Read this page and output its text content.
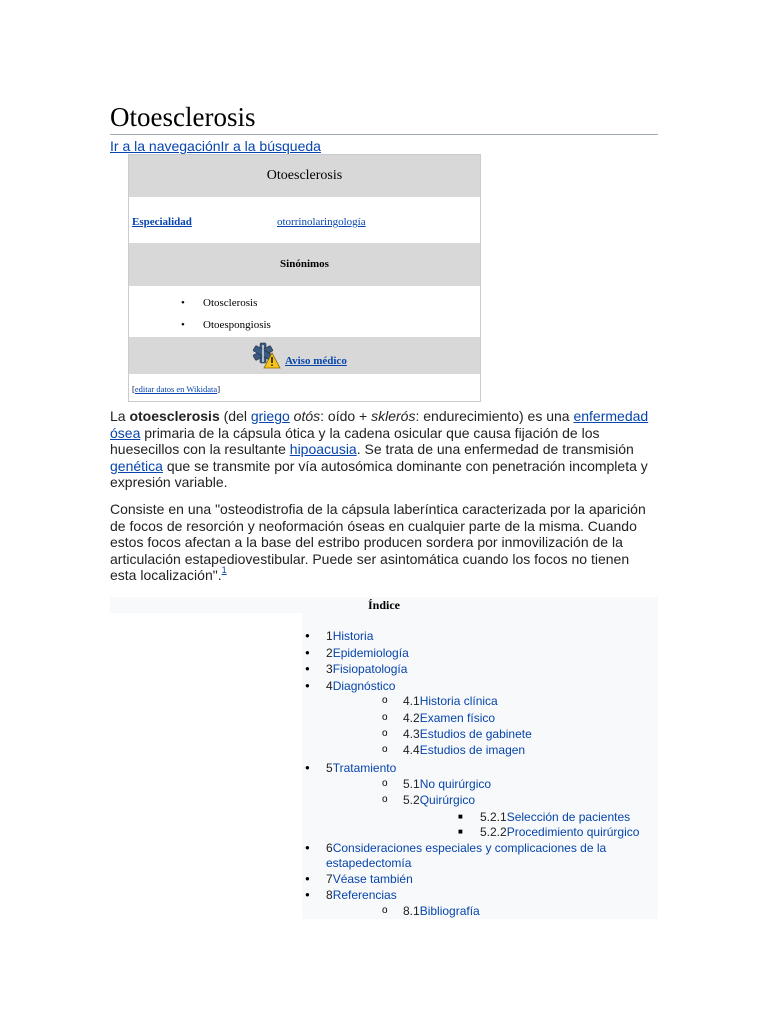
Otoesclerosis
Ir a la navegaciónIr a la búsqueda
Otoesclerosis
Especialidad	otorrinolaringología
Sinónimos
• Otosclerosis
• Otoespongiosis
Aviso médico
[editar datos en Wikidata]
La otoesclerosis (del griego otós: oído + sklerós: endurecimiento) es una enfermedad ósea primaria de la cápsula ótica y la cadena osicular que causa fijación de los huesecillos con la resultante hipoacusia. Se trata de una enfermedad de transmisión genética que se transmite por vía autosómica dominante con penetración incompleta y expresión variable.
Consiste en una "osteodistrofia de la cápsula laberíntica caracterizada por la aparición de focos de resorción y neoformación óseas en cualquier parte de la misma. Cuando estos focos afectan a la base del estribo producen sordera por inmovilización de la articulación estapediovestibular. Puede ser asintomática cuando los focos no tienen esta localización".$^1$
Índice
● 1Historia
● 2Epidemiología
● 3Fisiopatología
● 4Diagnóstico
o 4.1Historia clínica
o 4.2Examen físico
o 4.3Estudios de gabinete
o 4.4Estudios de imagen
● 5Tratamiento
o 5.1No quirúrgico
o 5.2Quirúrgico
■ 5.2.1Selección de pacientes
■ 5.2.2Procedimiento quirúrgico
● 6Consideraciones especiales y complicaciones de la
estapedectomía
● 7Véase también
● 8Referencias
o 8.1Bibliografía
